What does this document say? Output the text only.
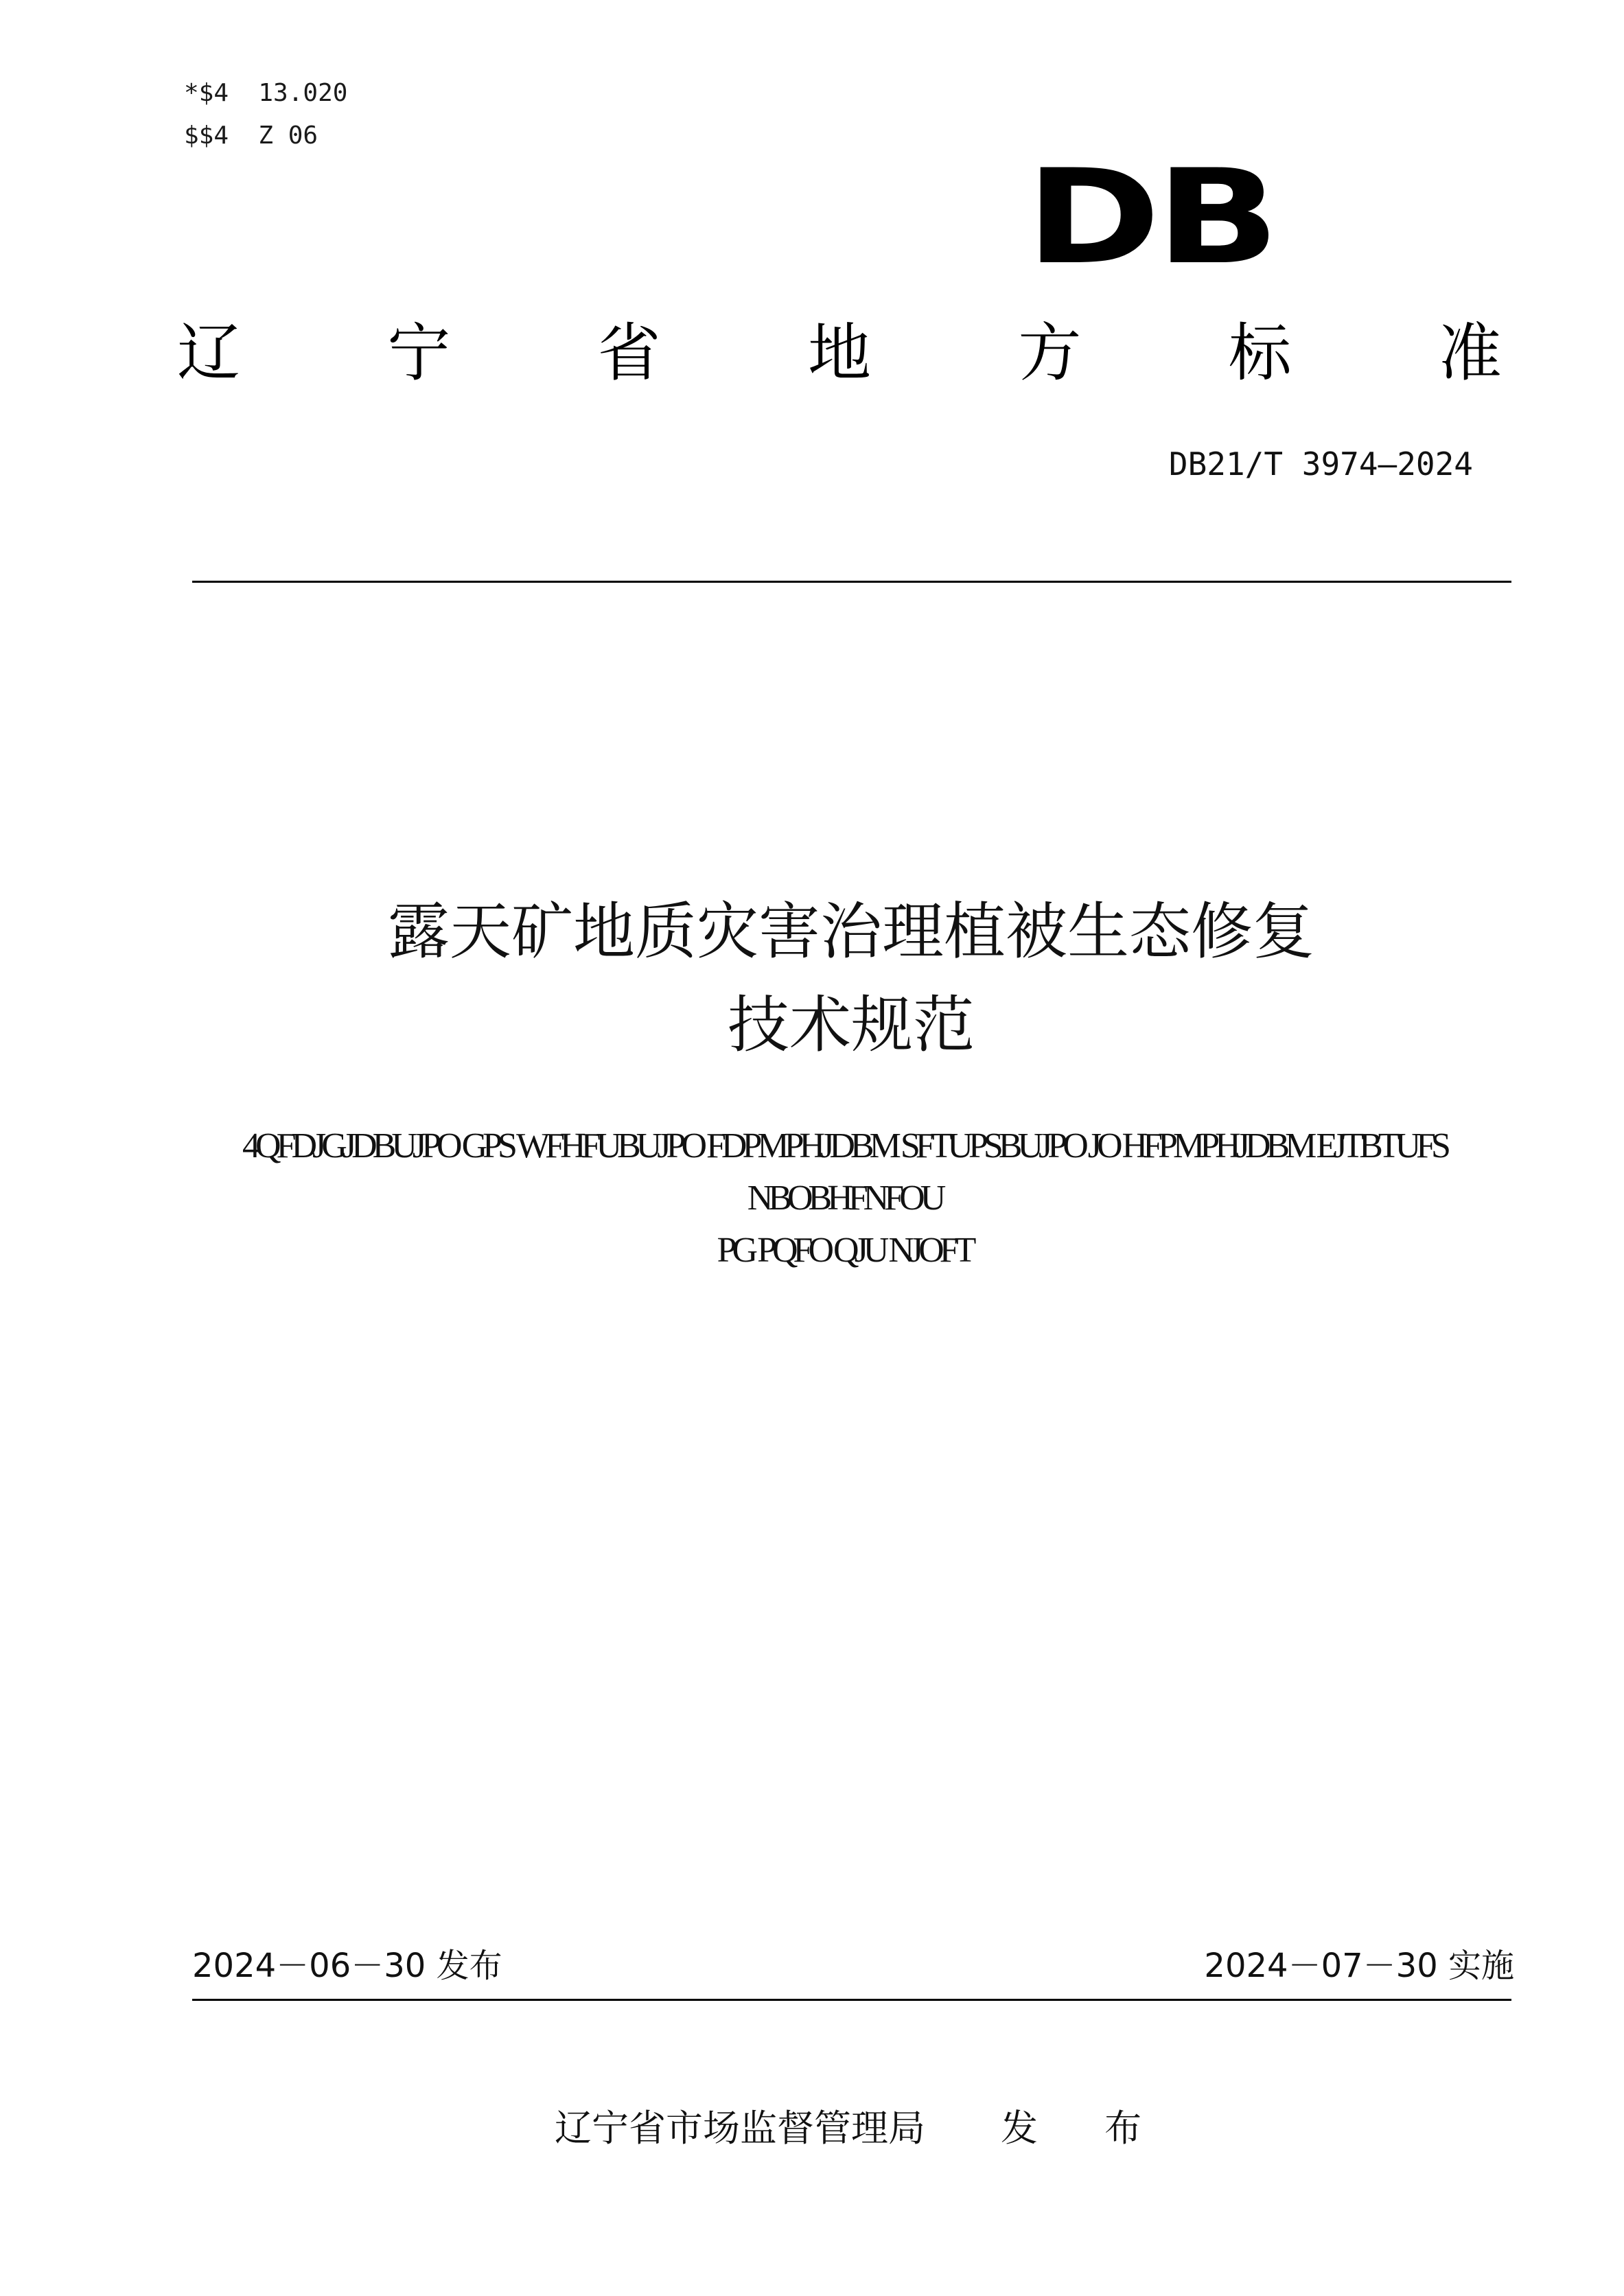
*$4  13.020
$$4  Z 06
DB
辽 宁 省 地 方 标 准
DB21/T 3974—2024
露天矿地质灾害治理植被生态修复
技术规范
4QFDJGJDBUJPO GPS WFHFUBUJPO FDPMPHJDBM SFTUPSBUJPO JO HFPMPHJDBM EJTBTUFS NBOBHFNFOU
PG PQFO QJU NJOFT
2024－06－30 发布	2024－07－30 实施
辽宁省市场监督管理局 发 布
